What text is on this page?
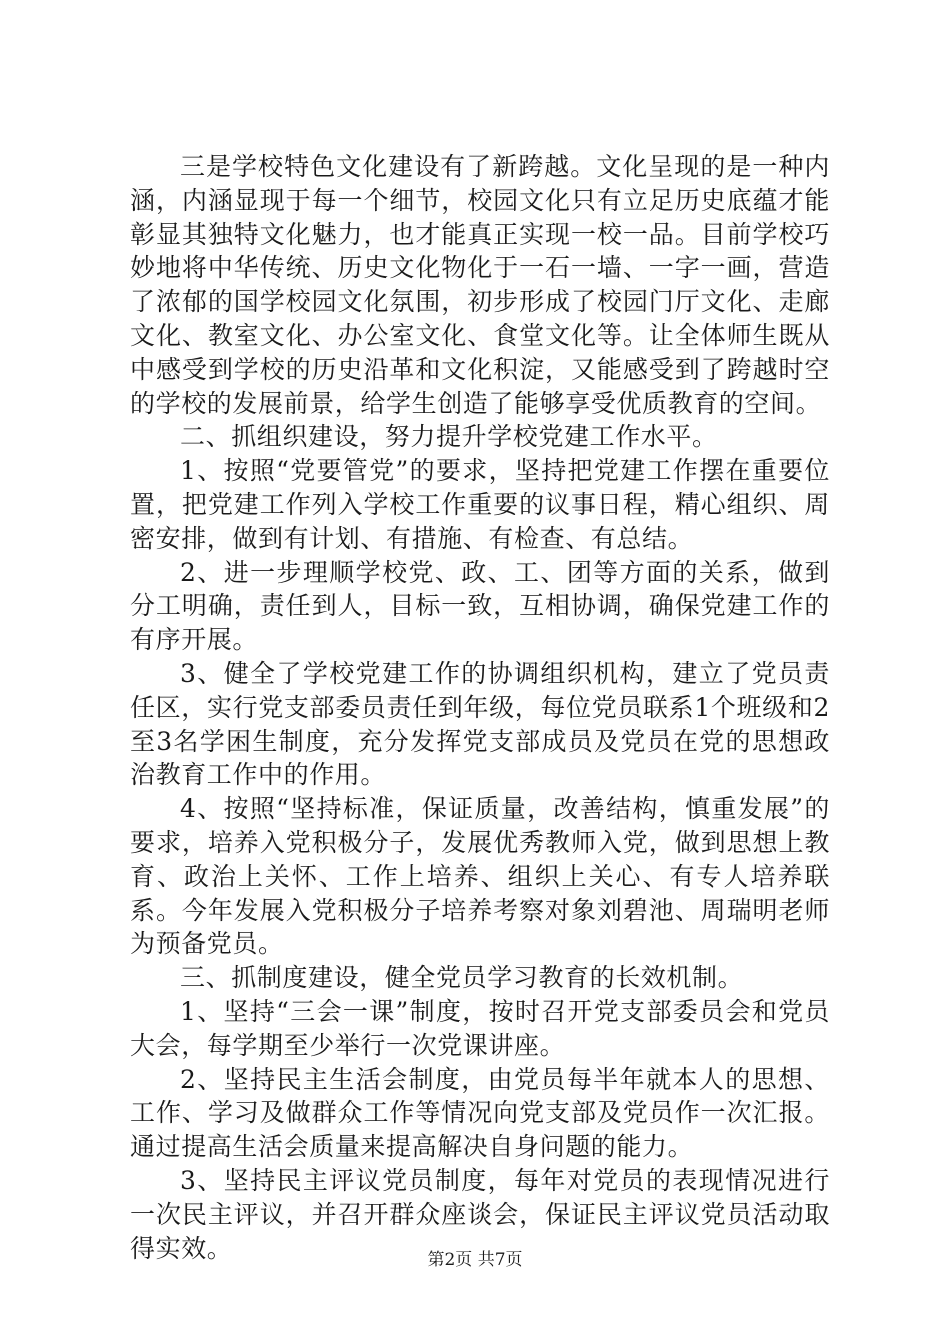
三是学校特色文化建设有了新跨越。文化呈现的是一种内涵，内涵显现于每一个细节，校园文化只有立足历史底蕴才能彰显其独特文化魅力，也才能真正实现一校一品。目前学校巧妙地将中华传统、历史文化物化于一石一墙、一字一画，营造了浓郁的国学校园文化氛围，初步形成了校园门厅文化、走廊文化、教室文化、办公室文化、食堂文化等。让全体师生既从中感受到学校的历史沿革和文化积淀，又能感受到了跨越时空的学校的发展前景，给学生创造了能够享受优质教育的空间。

二、抓组织建设，努力提升学校党建工作水平。

1、按照“党要管党”的要求，坚持把党建工作摆在重要位置，把党建工作列入学校工作重要的议事日程，精心组织、周密安排，做到有计划、有措施、有检查、有总结。

2、进一步理顺学校党、政、工、团等方面的关系，做到分工明确，责任到人，目标一致，互相协调，确保党建工作的有序开展。

3、健全了学校党建工作的协调组织机构，建立了党员责任区，实行党支部委员责任到年级，每位党员联系1个班级和2至3名学困生制度，充分发挥党支部成员及党员在党的思想政治教育工作中的作用。

4、按照“坚持标准，保证质量，改善结构，慎重发展”的要求，培养入党积极分子，发展优秀教师入党，做到思想上教育、政治上关怀、工作上培养、组织上关心、有专人培养联系。今年发展入党积极分子培养考察对象刘碧池、周瑞明老师为预备党员。

三、抓制度建设，健全党员学习教育的长效机制。

1、坚持“三会一课”制度，按时召开党支部委员会和党员大会，每学期至少举行一次党课讲座。

2、坚持民主生活会制度，由党员每半年就本人的思想、工作、学习及做群众工作等情况向党支部及党员作一次汇报。通过提高生活会质量来提高解决自身问题的能力。

3、坚持民主评议党员制度，每年对党员的表现情况进行一次民主评议，并召开群众座谈会，保证民主评议党员活动取得实效。	第2页 共7页
